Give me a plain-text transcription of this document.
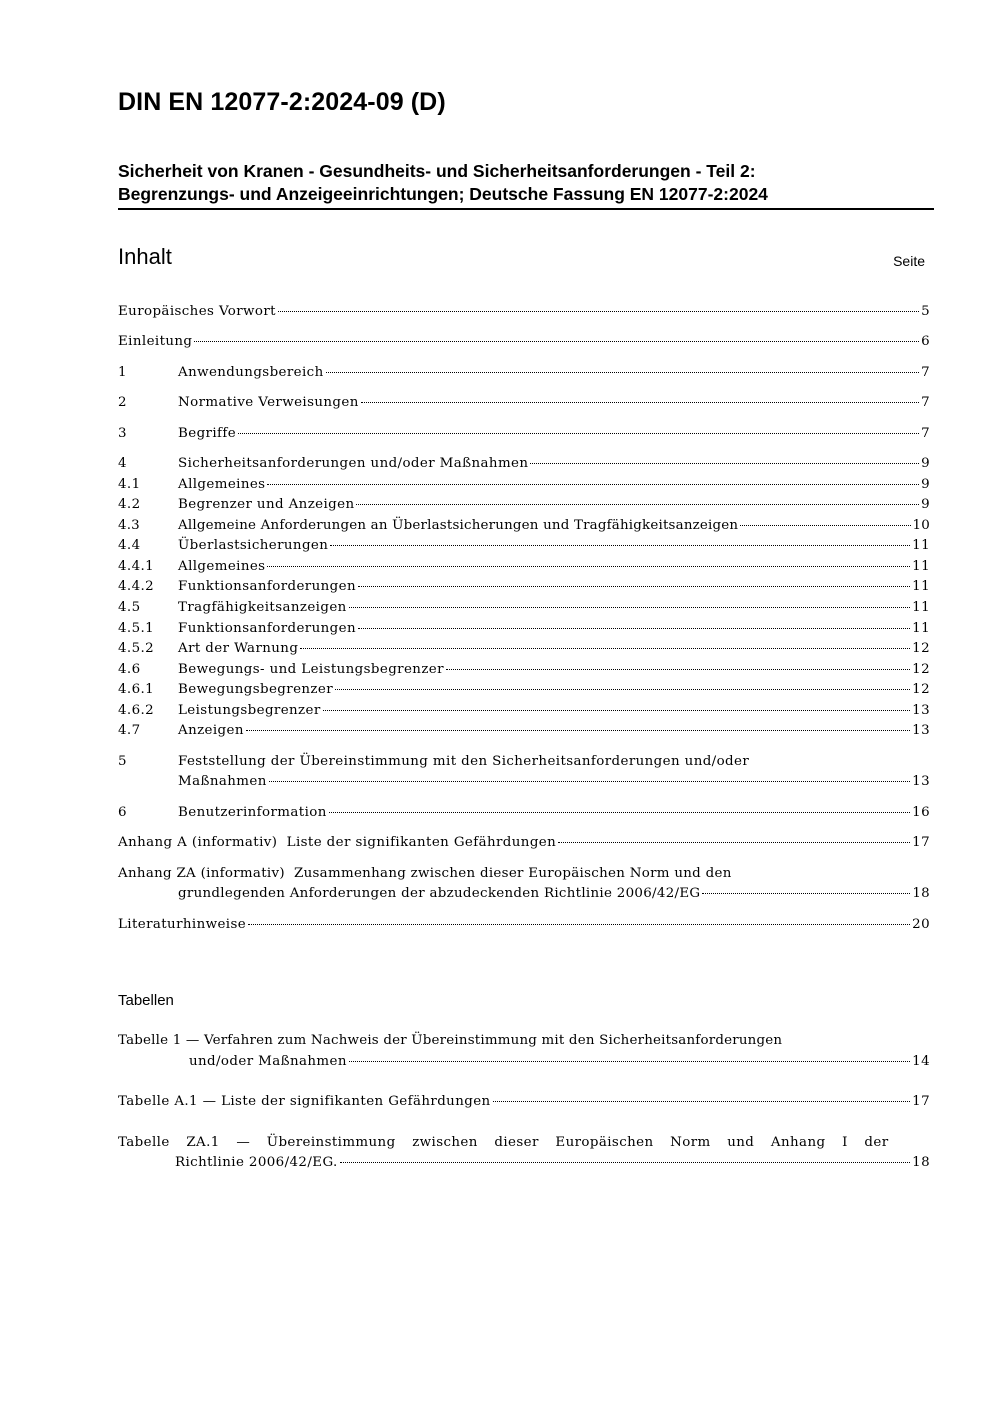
DIN EN 12077-2:2024-09 (D)
Sicherheit von Kranen - Gesundheits- und Sicherheitsanforderungen - Teil 2:
Begrenzungs- und Anzeigeeinrichtungen; Deutsche Fassung EN 12077-2:2024
Inhalt	Seite
Europäisches Vorwort	5
Einleitung	6
1	Anwendungsbereich	7
2	Normative Verweisungen	7
3	Begriffe	7
4	Sicherheitsanforderungen und/oder Maßnahmen	9
4.1	Allgemeines	9
4.2	Begrenzer und Anzeigen	9
4.3	Allgemeine Anforderungen an Überlastsicherungen und Tragfähigkeitsanzeigen	10
4.4	Überlastsicherungen	11
4.4.1	Allgemeines	11
4.4.2	Funktionsanforderungen	11
4.5	Tragfähigkeitsanzeigen	11
4.5.1	Funktionsanforderungen	11
4.5.2	Art der Warnung	12
4.6	Bewegungs- und Leistungsbegrenzer	12
4.6.1	Bewegungsbegrenzer	12
4.6.2	Leistungsbegrenzer	13
4.7	Anzeigen	13
5	Feststellung der Übereinstimmung mit den Sicherheitsanforderungen und/oder
Maßnahmen	13
6	Benutzerinformation	16
Anhang A (informativ)  Liste der signifikanten Gefährdungen	17
Anhang ZA (informativ)  Zusammenhang zwischen dieser Europäischen Norm und den
grundlegenden Anforderungen der abzudeckenden Richtlinie 2006/42/EG	18
Literaturhinweise	20
Tabellen
Tabelle 1 — Verfahren zum Nachweis der Übereinstimmung mit den Sicherheitsanforderungen
und/oder Maßnahmen	14
Tabelle A.1 — Liste der signifikanten Gefährdungen	17
Tabelle ZA.1 — Übereinstimmung zwischen dieser Europäischen Norm und Anhang I der
Richtlinie 2006/42/EG.	18
